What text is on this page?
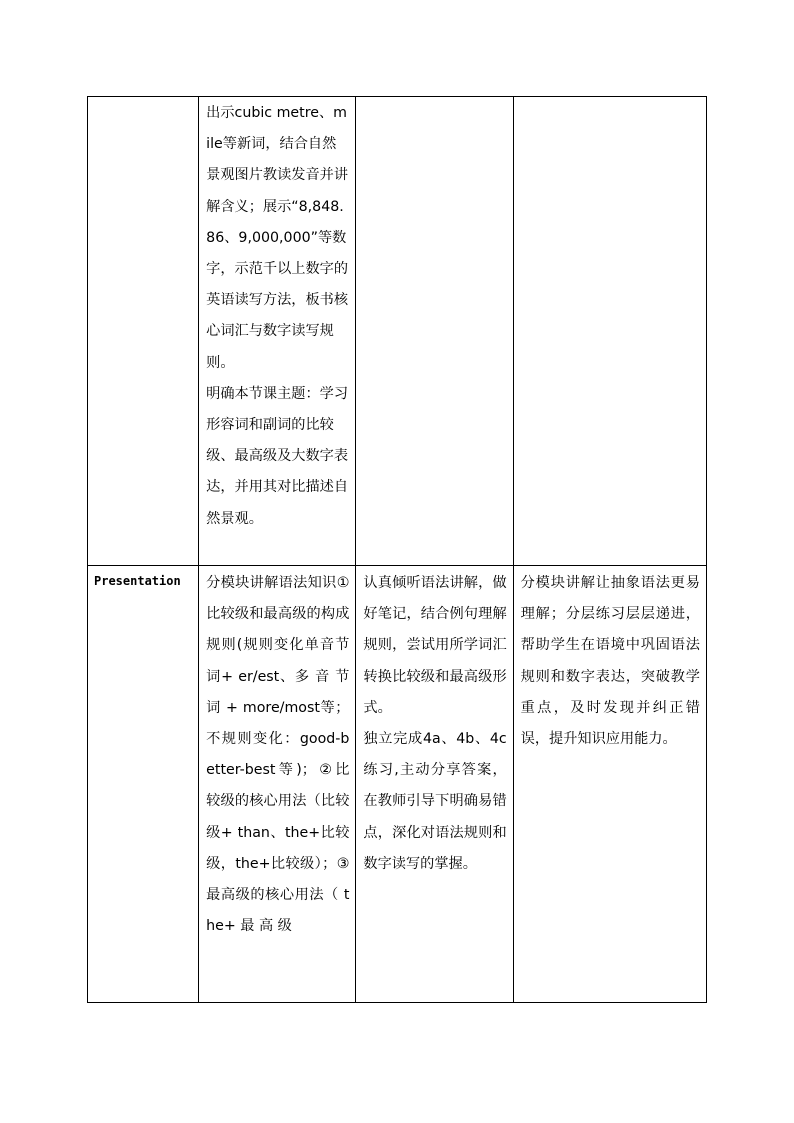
	出示cubic metre、mile等新词，结合自然景观图片教读发音并讲解含义；展示“8,848.86、9,000,000”等数字，示范千以上数字的英语读写方法，板书核心词汇与数字读写规则。

明确本节课主题：学习形容词和副词的比较级、最高级及大数字表达，并用其对比描述自然景观。		

Presentation	分模块讲解语法知识①比较级和最高级的构成规则(规则变化单音节词+ er/est、多 音 节 词 + more/most等；不规则变化：good-better-best等)；②比较级的核心用法（比较级+ than、the+比较级，the+比较级）；③最高级的核心用法（ the+ 最 高 级	认真倾听语法讲解，做好笔记，结合例句理解规则，尝试用所学词汇转换比较级和最高级形式。

独立完成4a、4b、4c练习,主动分享答案，在教师引导下明确易错点，深化对语法规则和数字读写的掌握。	分模块讲解让抽象语法更易理解；分层练习层层递进，帮助学生在语境中巩固语法规则和数字表达，突破教学重点，及时发现并纠正错误，提升知识应用能力。
